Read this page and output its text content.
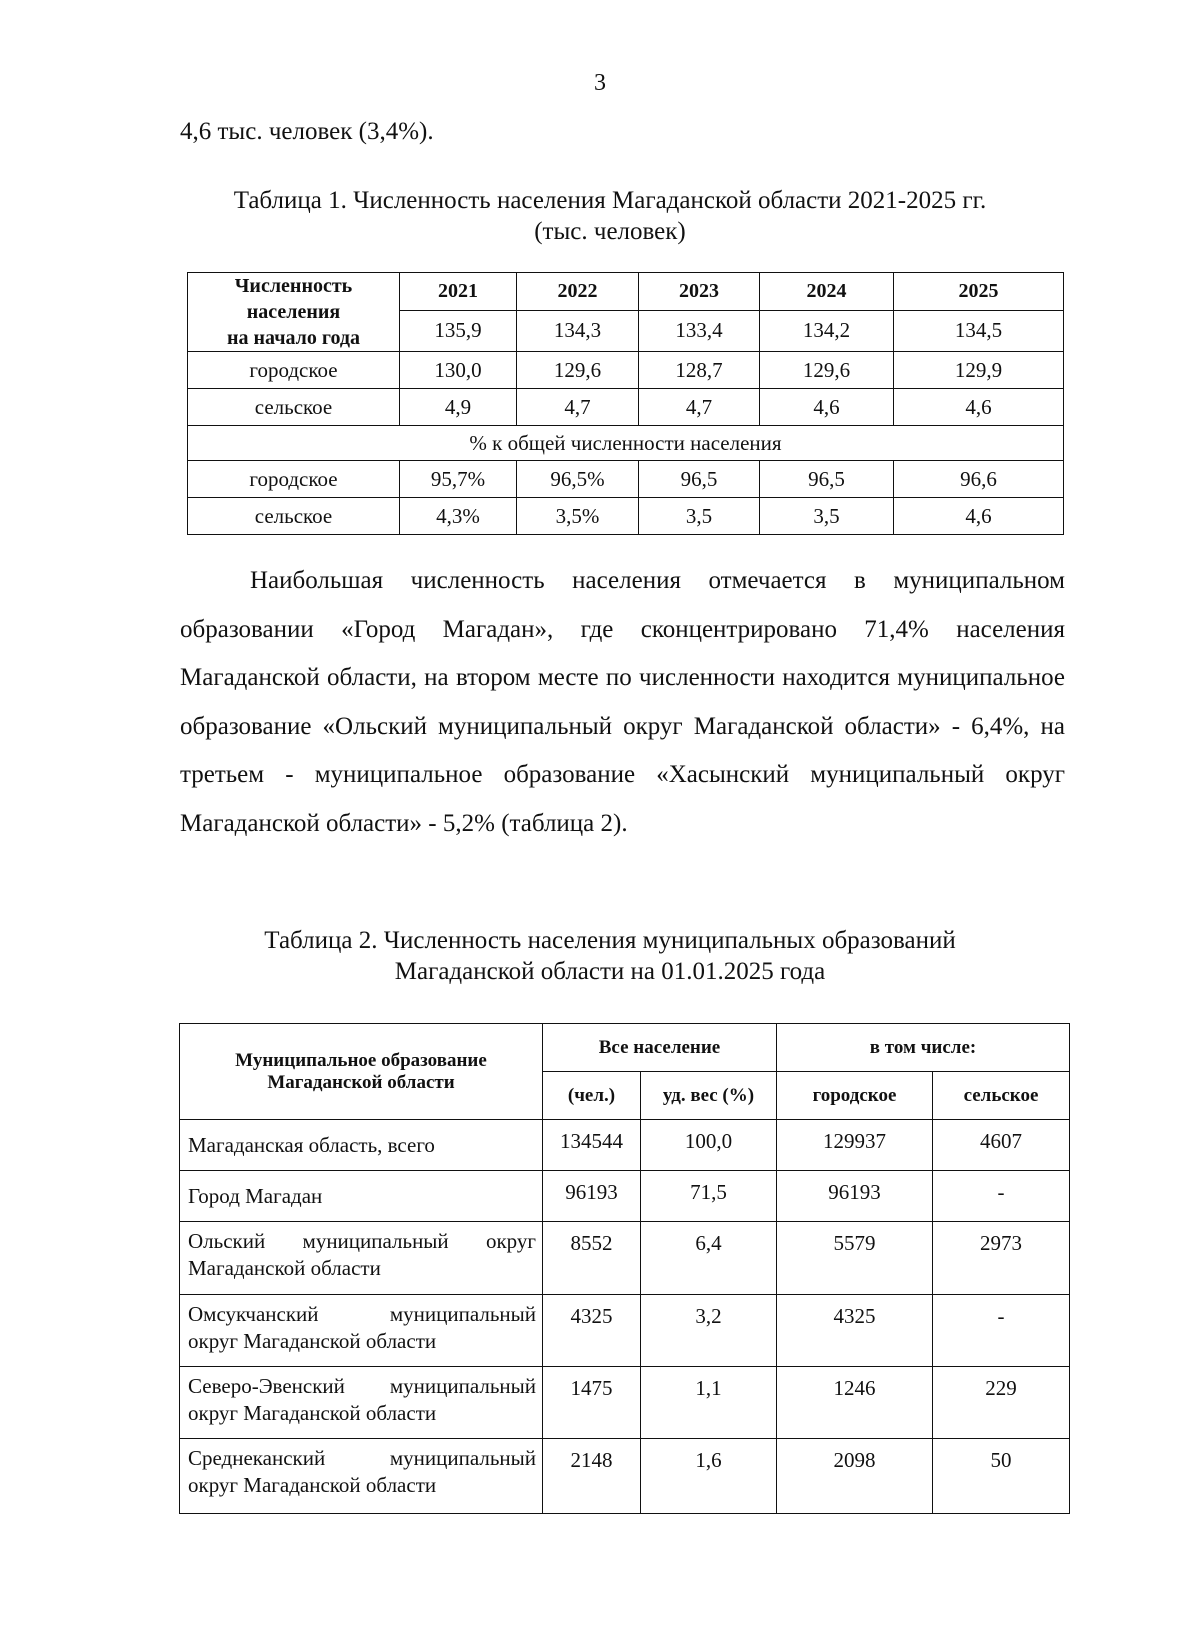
3
4,6 тыс. человек (3,4%).
Таблица 1. Численность населения Магаданской области 2021-2025 гг.
(тыс. человек)
Численность
населения
на начало года	2021	2022	2023	2024	2025
	135,9	134,3	133,4	134,2	134,5
городское	130,0	129,6	128,7	129,6	129,9
сельское	4,9	4,7	4,7	4,6	4,6
% к общей численности населения					
городское	95,7%	96,5%	96,5	96,5	96,6
сельское	4,3%	3,5%	3,5	3,5	4,6

Наибольшая численность населения отмечается в муниципальном образовании «Город Магадан», где сконцентрировано 71,4% населения Магаданской области, на втором месте по численности находится муниципальное образование «Ольский муниципальный округ Магаданской области» - 6,4%, на третьем - муниципальное образование «Хасынский муниципальный округ Магаданской области» - 5,2% (таблица 2).

Таблица 2. Численность населения муниципальных образований
Магаданской области на 01.01.2025 года
Муниципальное образование
Магаданской области	Все население		в том числе:	
	(чел.)	уд. вес (%)	городское	сельское
Магаданская область, всего	134544	100,0	129937	4607
Город Магадан	96193	71,5	96193	-

Ольский муниципальный округ
Магаданской области	8552	6,4	5579	2973

Омсукчанский муниципальный
округ Магаданской области	4325	3,2	4325	-

Северо-Эвенский муниципальный
округ Магаданской области	1475	1,1	1246	229

Среднеканский муниципальный
округ Магаданской области	2148	1,6	2098	50
